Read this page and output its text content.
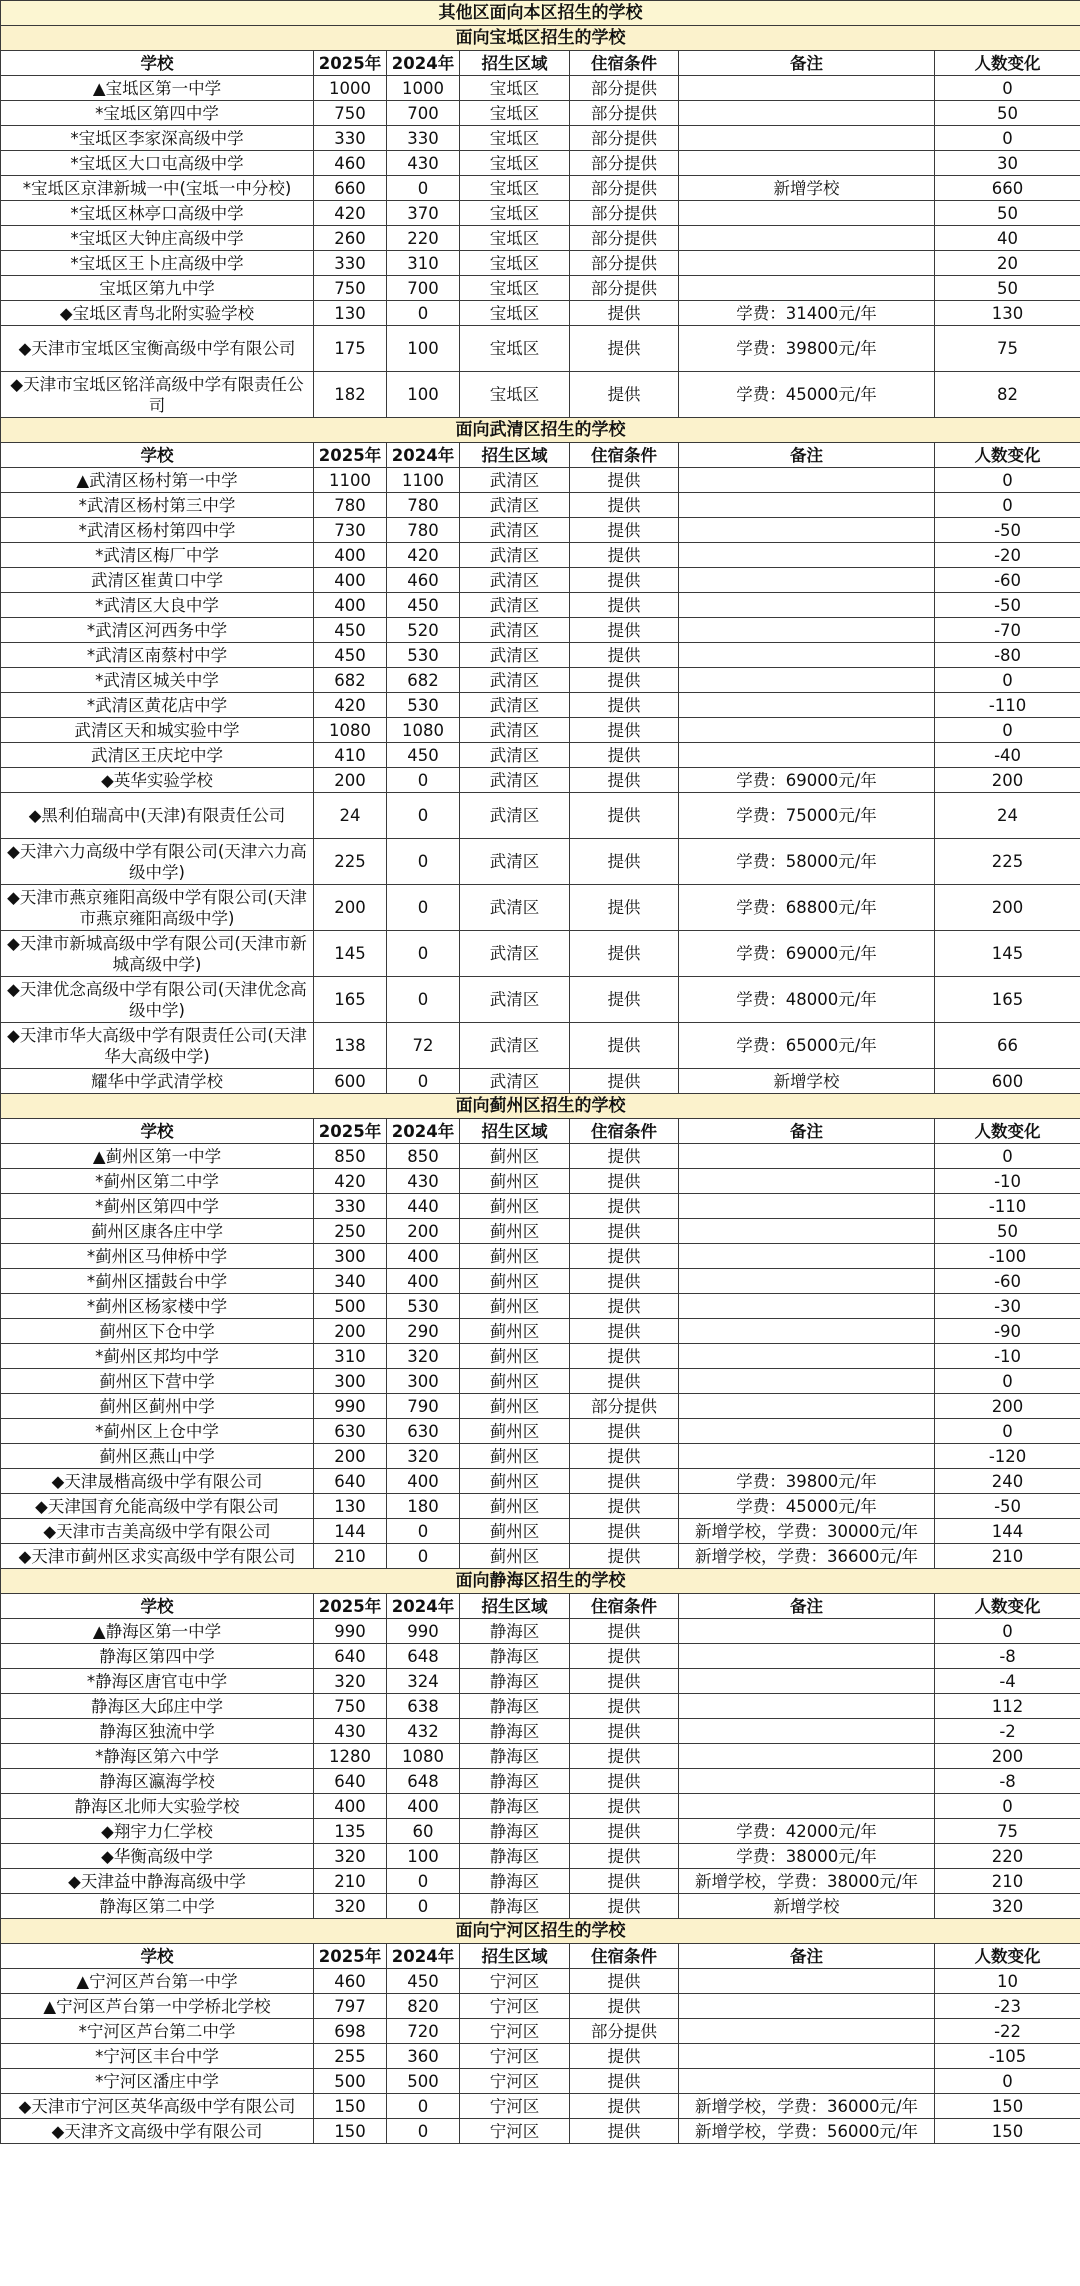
其他区面向本区招生的学校						
面向宝坻区招生的学校						
学校	2025年	2024年	招生区域	住宿条件	备注	人数变化
▲宝坻区第一中学	1000	1000	宝坻区	部分提供		0
*宝坻区第四中学	750	700	宝坻区	部分提供		50
*宝坻区李家深高级中学	330	330	宝坻区	部分提供		0
*宝坻区大口屯高级中学	460	430	宝坻区	部分提供		30
*宝坻区京津新城一中(宝坻一中分校)	660	0	宝坻区	部分提供	新增学校	660
*宝坻区林亭口高级中学	420	370	宝坻区	部分提供		50
*宝坻区大钟庄高级中学	260	220	宝坻区	部分提供		40
*宝坻区王卜庄高级中学	330	310	宝坻区	部分提供		20
宝坻区第九中学	750	700	宝坻区	部分提供		50
◆宝坻区青鸟北附实验学校	130	0	宝坻区	提供	学费：31400元/年	130
◆天津市宝坻区宝衡高级中学有限公司	175	100	宝坻区	提供	学费：39800元/年	75
◆天津市宝坻区铭洋高级中学有限责任公司	182	100	宝坻区	提供	学费：45000元/年	82
面向武清区招生的学校						
学校	2025年	2024年	招生区域	住宿条件	备注	人数变化
▲武清区杨村第一中学	1100	1100	武清区	提供		0
*武清区杨村第三中学	780	780	武清区	提供		0
*武清区杨村第四中学	730	780	武清区	提供		-50
*武清区梅厂中学	400	420	武清区	提供		-20
武清区崔黄口中学	400	460	武清区	提供		-60
*武清区大良中学	400	450	武清区	提供		-50
*武清区河西务中学	450	520	武清区	提供		-70
*武清区南蔡村中学	450	530	武清区	提供		-80
*武清区城关中学	682	682	武清区	提供		0
*武清区黄花店中学	420	530	武清区	提供		-110
武清区天和城实验中学	1080	1080	武清区	提供		0
武清区王庆坨中学	410	450	武清区	提供		-40
◆英华实验学校	200	0	武清区	提供	学费：69000元/年	200
◆黑利伯瑞高中(天津)有限责任公司	24	0	武清区	提供	学费：75000元/年	24
◆天津六力高级中学有限公司(天津六力高级中学)	225	0	武清区	提供	学费：58000元/年	225
◆天津市燕京雍阳高级中学有限公司(天津市燕京雍阳高级中学)	200	0	武清区	提供	学费：68800元/年	200
◆天津市新城高级中学有限公司(天津市新城高级中学)	145	0	武清区	提供	学费：69000元/年	145
◆天津优念高级中学有限公司(天津优念高级中学)	165	0	武清区	提供	学费：48000元/年	165
◆天津市华大高级中学有限责任公司(天津华大高级中学)	138	72	武清区	提供	学费：65000元/年	66
耀华中学武清学校	600	0	武清区	提供	新增学校	600
面向蓟州区招生的学校						
学校	2025年	2024年	招生区域	住宿条件	备注	人数变化
▲蓟州区第一中学	850	850	蓟州区	提供		0
*蓟州区第二中学	420	430	蓟州区	提供		-10
*蓟州区第四中学	330	440	蓟州区	提供		-110
蓟州区康各庄中学	250	200	蓟州区	提供		50
*蓟州区马伸桥中学	300	400	蓟州区	提供		-100
*蓟州区擂鼓台中学	340	400	蓟州区	提供		-60
*蓟州区杨家楼中学	500	530	蓟州区	提供		-30
蓟州区下仓中学	200	290	蓟州区	提供		-90
*蓟州区邦均中学	310	320	蓟州区	提供		-10
蓟州区下营中学	300	300	蓟州区	提供		0
蓟州区蓟州中学	990	790	蓟州区	部分提供		200
*蓟州区上仓中学	630	630	蓟州区	提供		0
蓟州区燕山中学	200	320	蓟州区	提供		-120
◆天津晟楷高级中学有限公司	640	400	蓟州区	提供	学费：39800元/年	240
◆天津国育允能高级中学有限公司	130	180	蓟州区	提供	学费：45000元/年	-50
◆天津市吉美高级中学有限公司	144	0	蓟州区	提供	新增学校，学费：30000元/年	144
◆天津市蓟州区求实高级中学有限公司	210	0	蓟州区	提供	新增学校，学费：36600元/年	210
面向静海区招生的学校						
学校	2025年	2024年	招生区域	住宿条件	备注	人数变化
▲静海区第一中学	990	990	静海区	提供		0
静海区第四中学	640	648	静海区	提供		-8
*静海区唐官屯中学	320	324	静海区	提供		-4
静海区大邱庄中学	750	638	静海区	提供		112
静海区独流中学	430	432	静海区	提供		-2
*静海区第六中学	1280	1080	静海区	提供		200
静海区瀛海学校	640	648	静海区	提供		-8
静海区北师大实验学校	400	400	静海区	提供		0
◆翔宇力仁学校	135	60	静海区	提供	学费：42000元/年	75
◆华衡高级中学	320	100	静海区	提供	学费：38000元/年	220
◆天津益中静海高级中学	210	0	静海区	提供	新增学校，学费：38000元/年	210
静海区第二中学	320	0	静海区	提供	新增学校	320
面向宁河区招生的学校						
学校	2025年	2024年	招生区域	住宿条件	备注	人数变化
▲宁河区芦台第一中学	460	450	宁河区	提供		10
▲宁河区芦台第一中学桥北学校	797	820	宁河区	提供		-23
*宁河区芦台第二中学	698	720	宁河区	部分提供		-22
*宁河区丰台中学	255	360	宁河区	提供		-105
*宁河区潘庄中学	500	500	宁河区	提供		0
◆天津市宁河区英华高级中学有限公司	150	0	宁河区	提供	新增学校，学费：36000元/年	150
◆天津齐文高级中学有限公司	150	0	宁河区	提供	新增学校，学费：56000元/年	150
